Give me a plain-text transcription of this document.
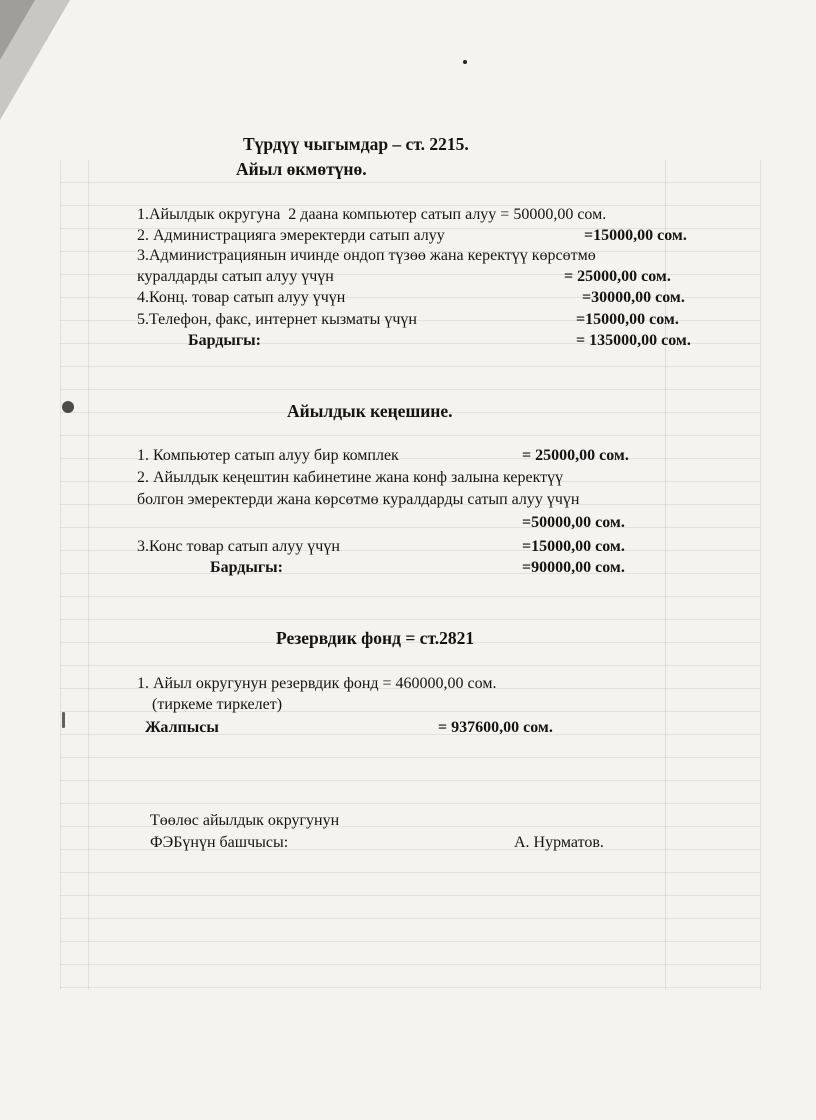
Түрдүү чыгымдар – ст. 2215.
Айыл өкмөтүнө.
1.Айылдык округуна  2 даана компьютер сатып алуу = 50000,00 сом.
2. Администрацияга эмеректерди сатып алуу	=15000,00 сом.
3.Администрациянын ичинде ондоп түзөө жана керектүү көрсөтмө
куралдарды сатып алуу үчүн	= 25000,00 сом.
4.Конц. товар сатып алуу үчүн	=30000,00 сом.
5.Телефон, факс, интернет кызматы үчүн	=15000,00 сом.
Бардыгы:	= 135000,00 сом.
Айылдык кеңешине.
1. Компьютер сатып алуу бир комплек	= 25000,00 сом.
2. Айылдык кеңештин кабинетине жана конф залына керектүү
болгон эмеректерди жана көрсөтмө куралдарды сатып алуу үчүн
=50000,00 сом.
3.Конс товар сатып алуу үчүн	=15000,00 сом.
Бардыгы:	=90000,00 сом.
Резервдик фонд = ст.2821
1. Айыл округунун резервдик фонд = 460000,00 сом.
(тиркеме тиркелет)
Жалпысы	= 937600,00 сом.
Төөлөс айылдык округунун
ФЭБүнүн башчысы:	А. Нурматов.
